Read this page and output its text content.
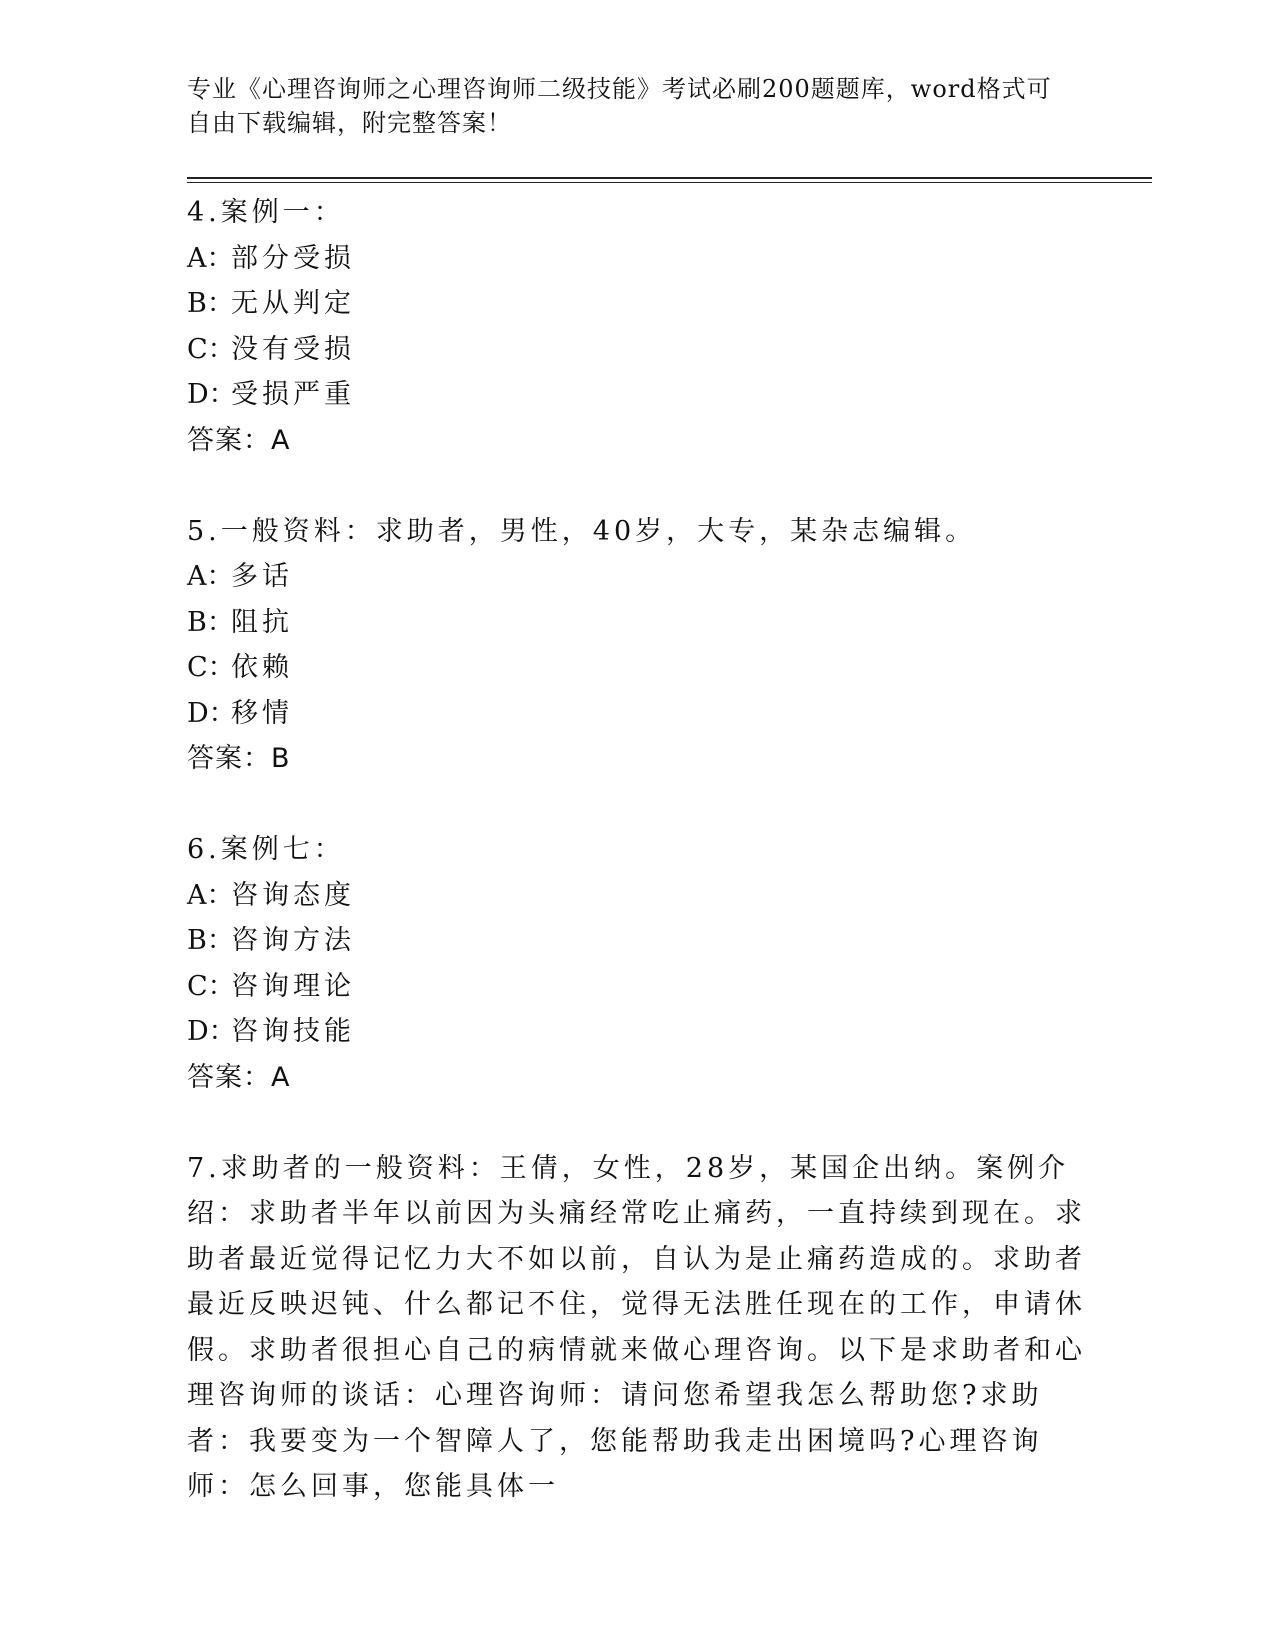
专业《心理咨询师之心理咨询师二级技能》考试必刷200题题库，word格式可自由下载编辑，附完整答案！

4.案例一：

A：部分受损

B：无从判定

C：没有受损

D：受损严重

答案：A

5.一般资料：求助者，男性，40岁，大专，某杂志编辑。

A：多话

B：阻抗

C：依赖

D：移情

答案：B

6.案例七：

A：咨询态度

B：咨询方法

C：咨询理论

D：咨询技能

答案：A

7.求助者的一般资料：王倩，女性，28岁，某国企出纳。案例介绍：求助者半年以前因为头痛经常吃止痛药，一直持续到现在。求助者最近觉得记忆力大不如以前，自认为是止痛药造成的。求助者最近反映迟钝、什么都记不住，觉得无法胜任现在的工作，申请休假。求助者很担心自己的病情就来做心理咨询。以下是求助者和心理咨询师的谈话：心理咨询师：请问您希望我怎么帮助您?求助者：我要变为一个智障人了，您能帮助我走出困境吗?心理咨询师：怎么回事，您能具体一
